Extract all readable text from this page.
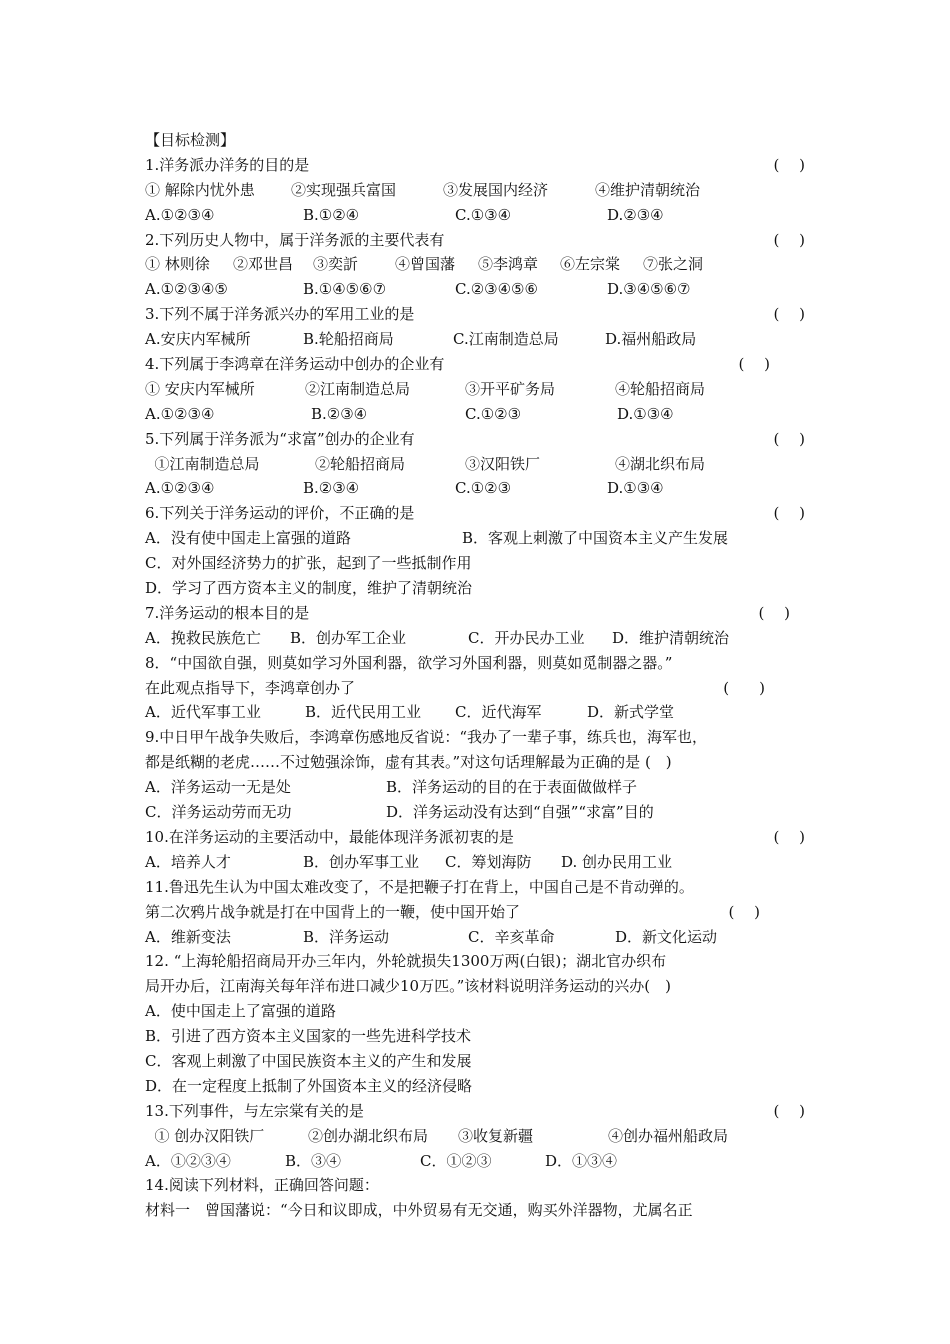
【目标检测】
1.洋务派办洋务的目的是	(　 )
① 解除内忧外患	②实现强兵富国	③发展国内经济	④维护清朝统治
A.①②③④	B.①②④	C.①③④	D.②③④
2.下列历史人物中，属于洋务派的主要代表有	(　 )
① 林则徐	②邓世昌	③奕訢	④曾国藩	⑤李鸿章	⑥左宗棠	⑦张之洞
A.①②③④⑤	B.①④⑤⑥⑦	C.②③④⑤⑥	D.③④⑤⑥⑦
3.下列不属于洋务派兴办的军用工业的是	(　 )
A.安庆内军械所	B.轮船招商局	C.江南制造总局	D.福州船政局
4.下列属于李鸿章在洋务运动中创办的企业有	(　 )
① 安庆内军械所	②江南制造总局	③开平矿务局	④轮船招商局
A.①②③④	B.②③④	C.①②③	D.①③④
5.下列属于洋务派为“求富”创办的企业有	(　 )
①江南制造总局	②轮船招商局	③汉阳铁厂	④湖北织布局
A.①②③④	B.②③④	C.①②③	D.①③④
6.下列关于洋务运动的评价，不正确的是	(　 )
A．没有使中国走上富强的道路	B．客观上刺激了中国资本主义产生发展
C．对外国经济势力的扩张，起到了一些抵制作用
D．学习了西方资本主义的制度，维护了清朝统治
7.洋务运动的根本目的是	(　 )
A．挽救民族危亡	B．创办军工企业	C．开办民办工业	D．维护清朝统治
8．“中国欲自强，则莫如学习外国利器，欲学习外国利器，则莫如觅制器之器。”
在此观点指导下，李鸿章创办了	(　　)
A．近代军事工业	B．近代民用工业	C．近代海军	D．新式学堂
9.中日甲午战争失败后，李鸿章伤感地反省说：“我办了一辈子事，练兵也，海军也，
都是纸糊的老虎……不过勉强涂饰，虚有其表。”对这句话理解最为正确的是 (　)
A．洋务运动一无是处	B．洋务运动的目的在于表面做做样子
C．洋务运动劳而无功	D．洋务运动没有达到“自强”“求富”目的
10.在洋务运动的主要活动中，最能体现洋务派初衷的是	(　 )
A．培养人才	B．创办军事工业	C．筹划海防	D. 创办民用工业
11.鲁迅先生认为中国太难改变了，不是把鞭子打在背上，中国自己是不肯动弹的。
第二次鸦片战争就是打在中国背上的一鞭，使中国开始了	(　 )
A．维新变法	B．洋务运动	C．辛亥革命	D．新文化运动
12. “上海轮船招商局开办三年内，外轮就损失1300万两(白银)；湖北官办织布
局开办后，江南海关每年洋布进口减少10万匹。”该材料说明洋务运动的兴办(　)
A．使中国走上了富强的道路
B．引进了西方资本主义国家的一些先进科学技术
C．客观上刺激了中国民族资本主义的产生和发展
D．在一定程度上抵制了外国资本主义的经济侵略
13.下列事件，与左宗棠有关的是	(　 )
① 创办汉阳铁厂	②创办湖北织布局	③收复新疆	④创办福州船政局
A．①②③④	B．③④	C．①②③	D．①③④
14.阅读下列材料，正确回答问题：
材料一　曾国藩说：“今日和议即成，中外贸易有无交通，购买外洋器物，尤属名正
